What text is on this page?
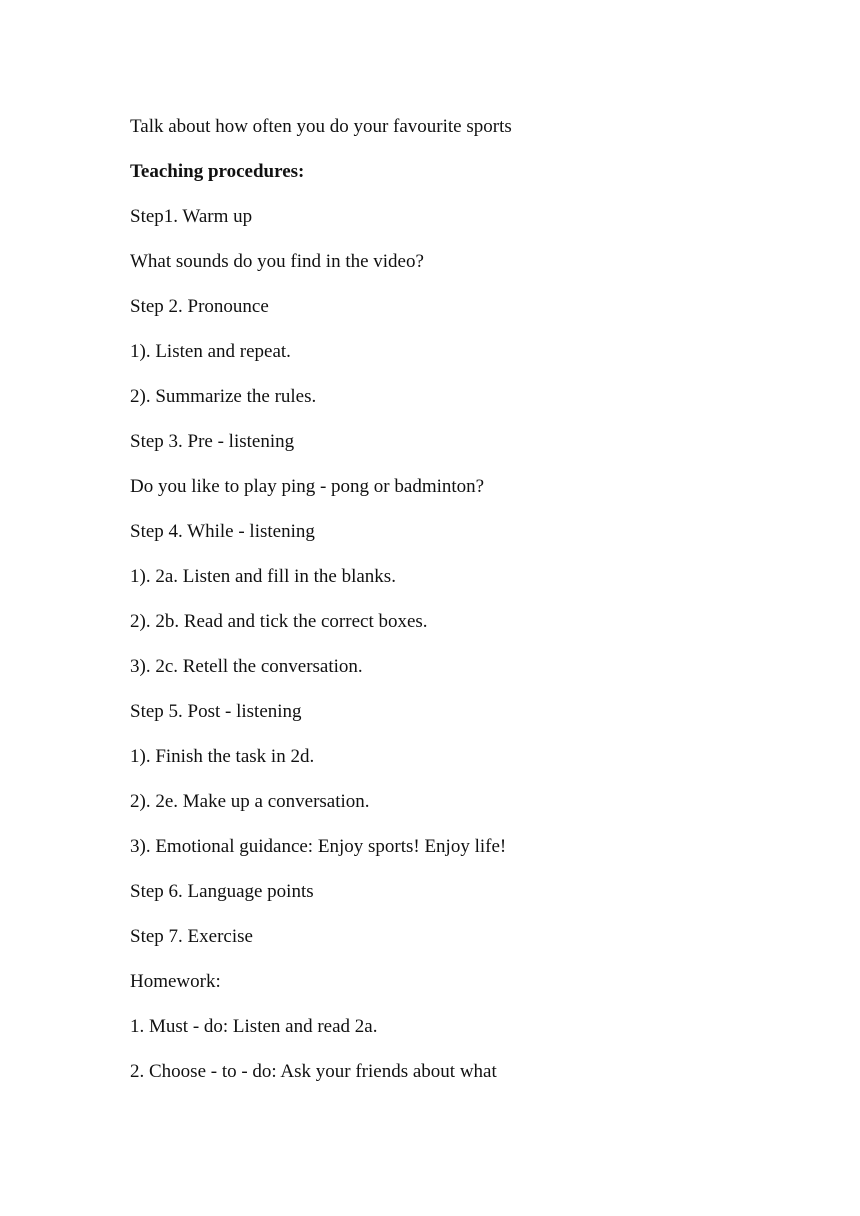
Talk about how often you do your favourite sports

Teaching procedures:

Step1. Warm up

What sounds do you find in the video?

Step 2. Pronounce

1). Listen and repeat.

2). Summarize the rules.

Step 3. Pre - listening

Do you like to play ping - pong or badminton?

Step 4. While - listening

1). 2a. Listen and fill in the blanks.

2). 2b. Read and tick the correct boxes.

3). 2c. Retell the conversation.

Step 5. Post - listening

1). Finish the task in 2d.

2). 2e. Make up a conversation.

3). Emotional guidance: Enjoy sports! Enjoy life!

Step 6. Language points

Step 7. Exercise

Homework:

1. Must - do: Listen and read 2a.

2. Choose - to - do: Ask your friends about what
